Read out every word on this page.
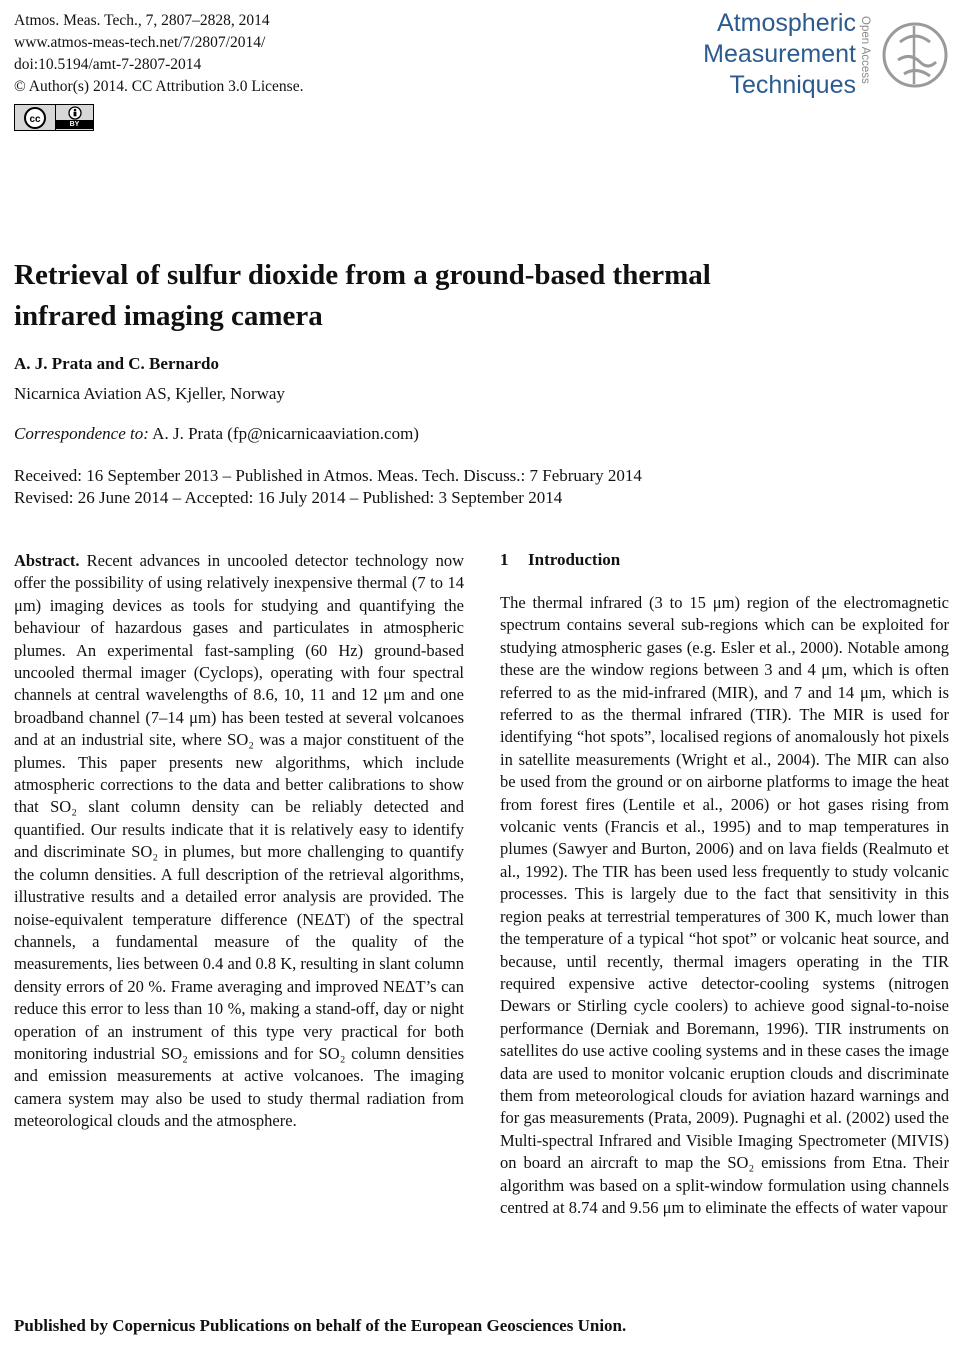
Atmos. Meas. Tech., 7, 2807–2828, 2014
www.atmos-meas-tech.net/7/2807/2014/
doi:10.5194/amt-7-2807-2014
© Author(s) 2014. CC Attribution 3.0 License.
cc	BY
Atmospheric
Measurement
Techniques
Open Access
Retrieval of sulfur dioxide from a ground-based thermal
infrared imaging camera
A. J. Prata and C. Bernardo
Nicarnica Aviation AS, Kjeller, Norway
Correspondence to: A. J. Prata (fp@nicarnicaaviation.com)
Received: 16 September 2013 – Published in Atmos. Meas. Tech. Discuss.: 7 February 2014
Revised: 26 June 2014 – Accepted: 16 July 2014 – Published: 3 September 2014
Abstract. Recent advances in uncooled detector technology now offer the possibility of using relatively inexpensive thermal (7 to 14 μm) imaging devices as tools for studying and quantifying the behaviour of hazardous gases and particulates in atmospheric plumes. An experimental fast-sampling (60 Hz) ground-based uncooled thermal imager (Cyclops), operating with four spectral channels at central wavelengths of 8.6, 10, 11 and 12 μm and one broadband channel (7–14 μm) has been tested at several volcanoes and at an industrial site, where SO₂ was a major constituent of the plumes. This paper presents new algorithms, which include atmospheric corrections to the data and better calibrations to show that SO₂ slant column density can be reliably detected and quantified. Our results indicate that it is relatively easy to identify and discriminate SO₂ in plumes, but more challenging to quantify the column densities. A full description of the retrieval algorithms, illustrative results and a detailed error analysis are provided. The noise-equivalent temperature difference (NEΔT) of the spectral channels, a fundamental measure of the quality of the measurements, lies between 0.4 and 0.8 K, resulting in slant column density errors of 20 %. Frame averaging and improved NEΔT’s can reduce this error to less than 10 %, making a stand-off, day or night operation of an instrument of this type very practical for both monitoring industrial SO₂ emissions and for SO₂ column densities and emission measurements at active volcanoes. The imaging camera system may also be used to study thermal radiation from meteorological clouds and the atmosphere.
1 Introduction
The thermal infrared (3 to 15 μm) region of the electromagnetic spectrum contains several sub-regions which can be exploited for studying atmospheric gases (e.g. Esler et al., 2000). Notable among these are the window regions between 3 and 4 μm, which is often referred to as the mid-infrared (MIR), and 7 and 14 μm, which is referred to as the thermal infrared (TIR). The MIR is used for identifying “hot spots”, localised regions of anomalously hot pixels in satellite measurements (Wright et al., 2004). The MIR can also be used from the ground or on airborne platforms to image the heat from forest fires (Lentile et al., 2006) or hot gases rising from volcanic vents (Francis et al., 1995) and to map temperatures in plumes (Sawyer and Burton, 2006) and on lava fields (Realmuto et al., 1992). The TIR has been used less frequently to study volcanic processes. This is largely due to the fact that sensitivity in this region peaks at terrestrial temperatures of 300 K, much lower than the temperature of a typical “hot spot” or volcanic heat source, and because, until recently, thermal imagers operating in the TIR required expensive active detector-cooling systems (nitrogen Dewars or Stirling cycle coolers) to achieve good signal-to-noise performance (Derniak and Boremann, 1996). TIR instruments on satellites do use active cooling systems and in these cases the image data are used to monitor volcanic eruption clouds and discriminate them from meteorological clouds for aviation hazard warnings and for gas measurements (Prata, 2009). Pugnaghi et al. (2002) used the Multi-spectral Infrared and Visible Imaging Spectrometer (MIVIS) on board an aircraft to map the SO₂ emissions from Etna. Their algorithm was based on a split-window formulation using channels centred at 8.74 and 9.56 μm to eliminate the effects of water vapour
Published by Copernicus Publications on behalf of the European Geosciences Union.
